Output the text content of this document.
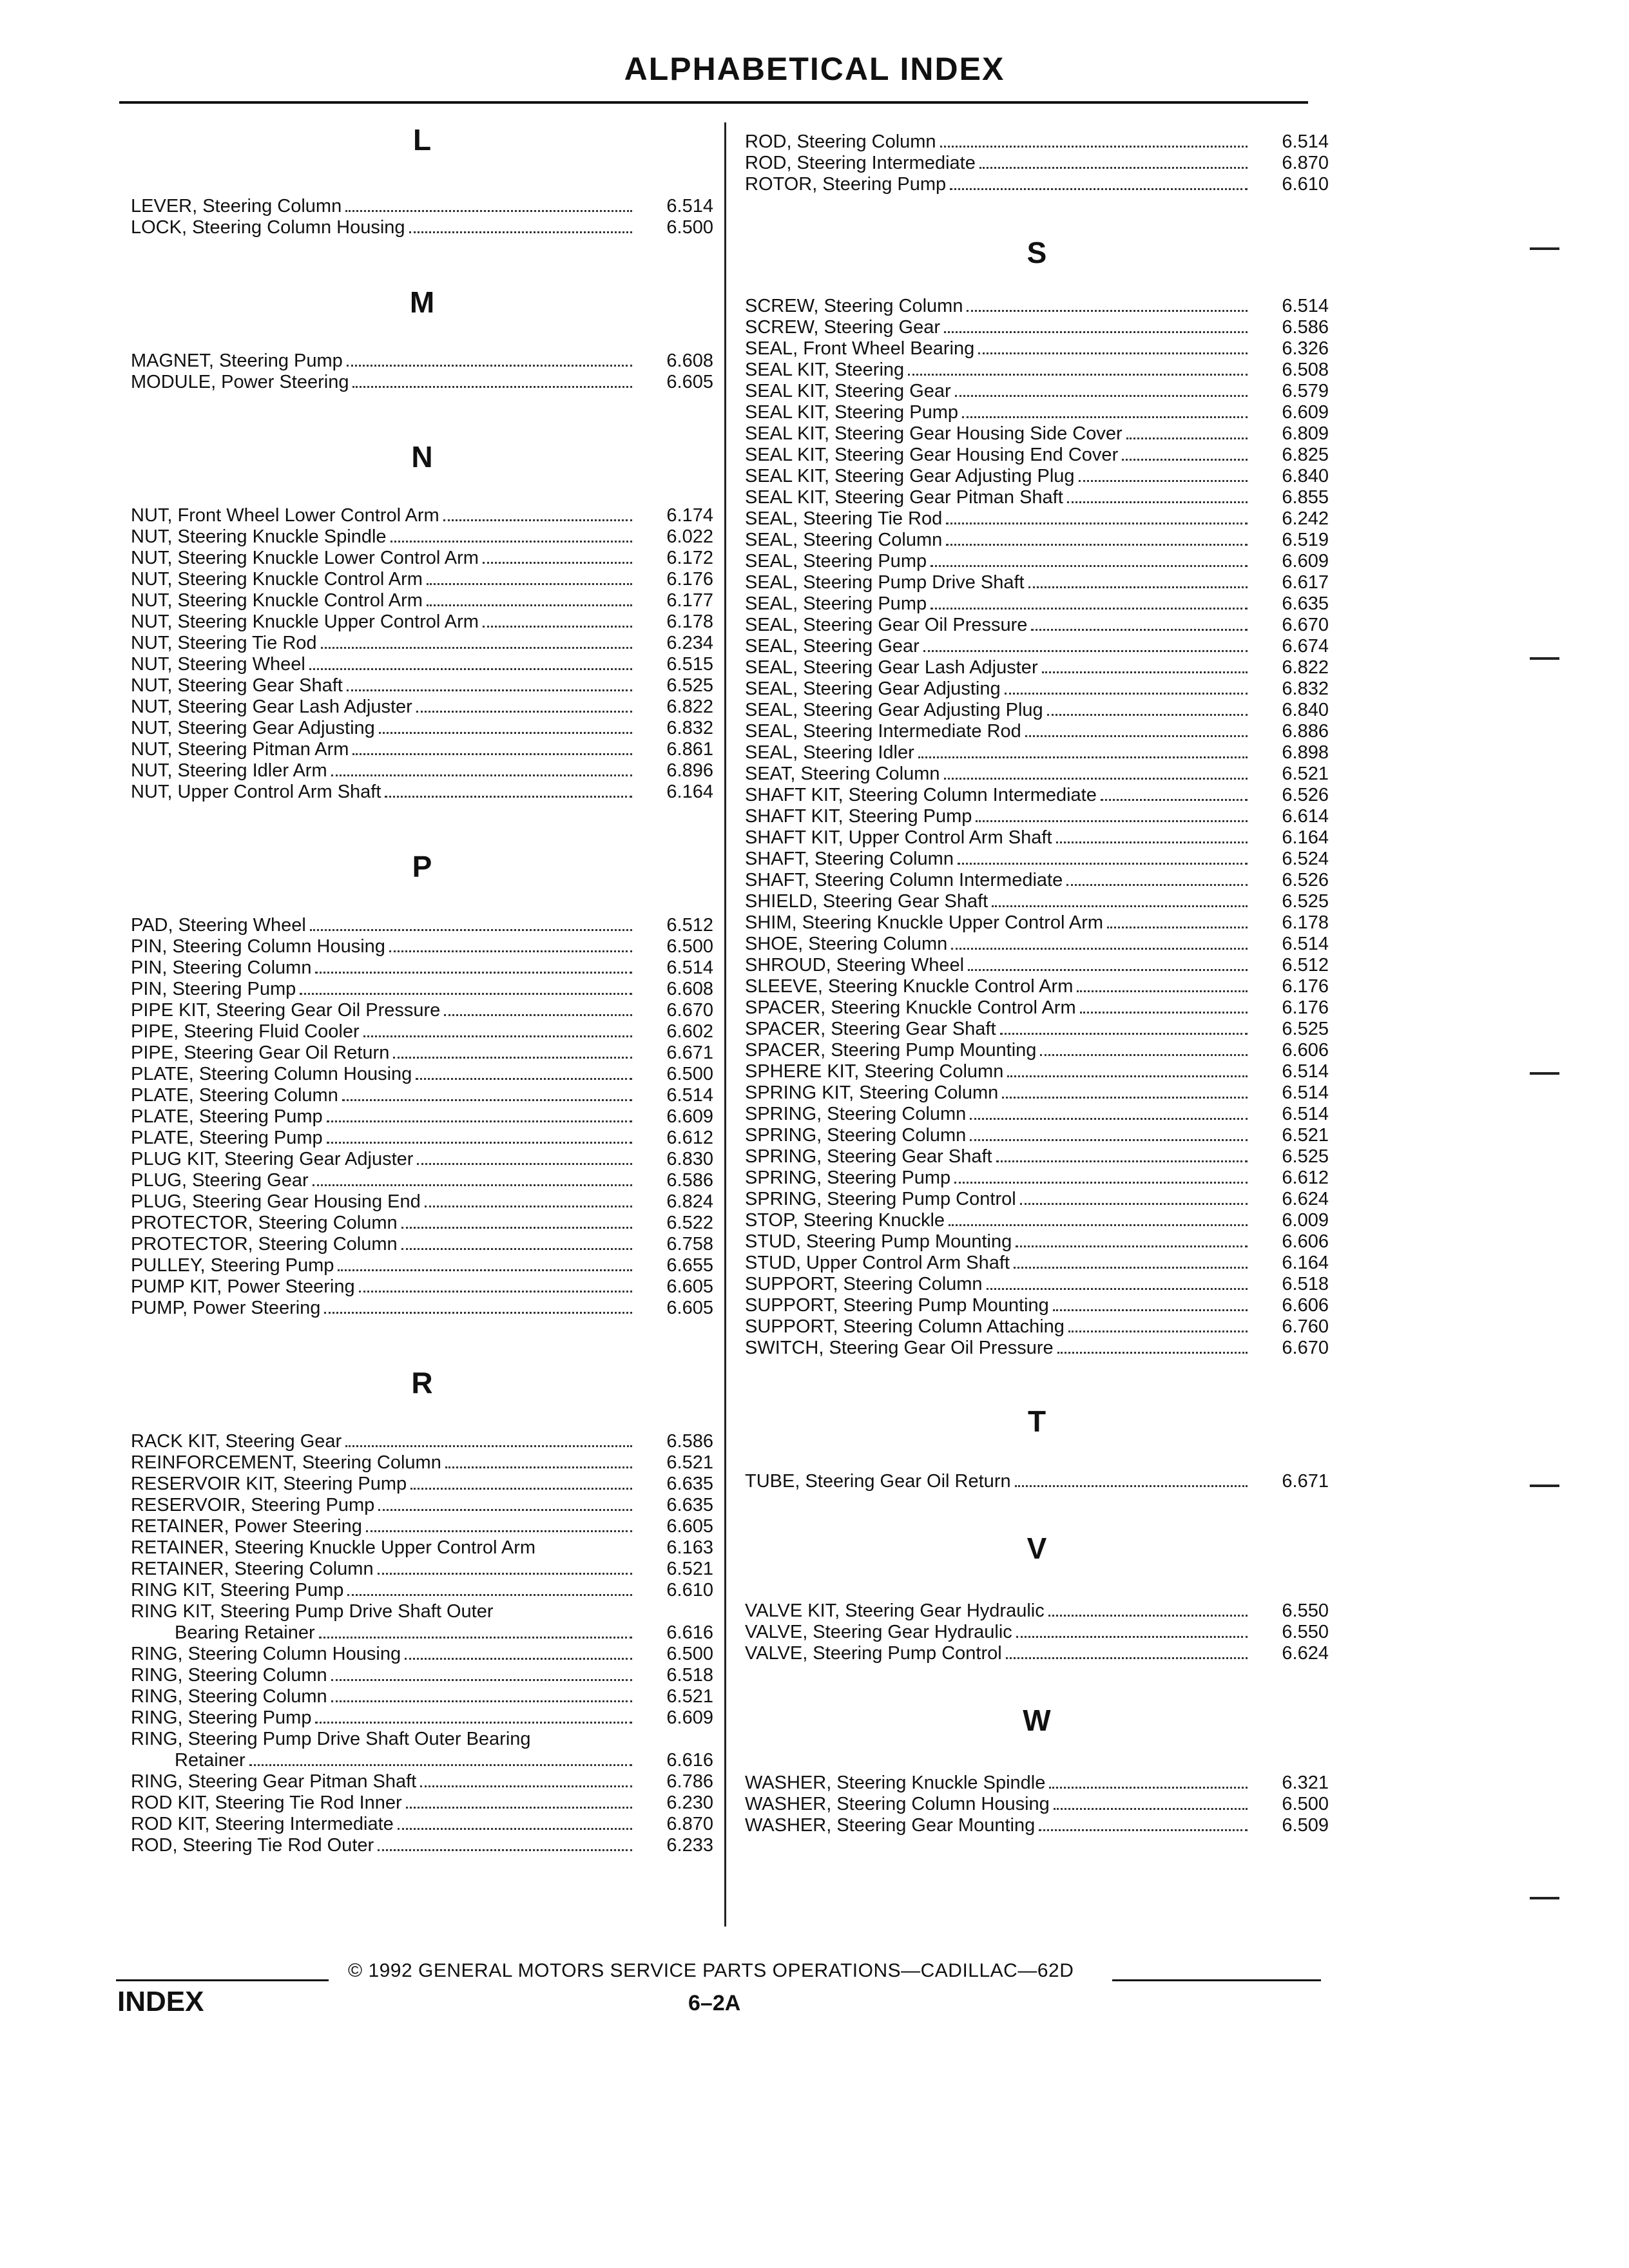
ALPHABETICAL INDEX
L
LEVER, Steering Column	6.514
LOCK, Steering Column Housing	6.500
M
MAGNET, Steering Pump	6.608
MODULE, Power Steering	6.605
N
NUT, Front Wheel Lower Control Arm	6.174
NUT, Steering Knuckle Spindle	6.022
NUT, Steering Knuckle Lower Control Arm	6.172
NUT, Steering Knuckle Control Arm	6.176
NUT, Steering Knuckle Control Arm	6.177
NUT, Steering Knuckle Upper Control Arm	6.178
NUT, Steering Tie Rod	6.234
NUT, Steering Wheel	6.515
NUT, Steering Gear Shaft	6.525
NUT, Steering Gear Lash Adjuster	6.822
NUT, Steering Gear Adjusting	6.832
NUT, Steering Pitman Arm	6.861
NUT, Steering Idler Arm	6.896
NUT, Upper Control Arm Shaft	6.164
P
PAD, Steering Wheel	6.512
PIN, Steering Column Housing	6.500
PIN, Steering Column	6.514
PIN, Steering Pump	6.608
PIPE KIT, Steering Gear Oil Pressure	6.670
PIPE, Steering Fluid Cooler	6.602
PIPE, Steering Gear Oil Return	6.671
PLATE, Steering Column Housing	6.500
PLATE, Steering Column	6.514
PLATE, Steering Pump	6.609
PLATE, Steering Pump	6.612
PLUG KIT, Steering Gear Adjuster	6.830
PLUG, Steering Gear	6.586
PLUG, Steering Gear Housing End	6.824
PROTECTOR, Steering Column	6.522
PROTECTOR, Steering Column	6.758
PULLEY, Steering Pump	6.655
PUMP KIT, Power Steering	6.605
PUMP, Power Steering	6.605
R
RACK KIT, Steering Gear	6.586
REINFORCEMENT, Steering Column	6.521
RESERVOIR KIT, Steering Pump	6.635
RESERVOIR, Steering Pump	6.635
RETAINER, Power Steering	6.605
RETAINER, Steering Knuckle Upper Control Arm	6.163
RETAINER, Steering Column	6.521
RING KIT, Steering Pump	6.610
RING KIT, Steering Pump Drive Shaft Outer
Bearing Retainer	6.616
RING, Steering Column Housing	6.500
RING, Steering Column	6.518
RING, Steering Column	6.521
RING, Steering Pump	6.609
RING, Steering Pump Drive Shaft Outer Bearing
Retainer	6.616
RING, Steering Gear Pitman Shaft	6.786
ROD KIT, Steering Tie Rod Inner	6.230
ROD KIT, Steering Intermediate	6.870
ROD, Steering Tie Rod Outer	6.233
ROD, Steering Column	6.514
ROD, Steering Intermediate	6.870
ROTOR, Steering Pump	6.610
S
SCREW, Steering Column	6.514
SCREW, Steering Gear	6.586
SEAL, Front Wheel Bearing	6.326
SEAL KIT, Steering	6.508
SEAL KIT, Steering Gear	6.579
SEAL KIT, Steering Pump	6.609
SEAL KIT, Steering Gear Housing Side Cover	6.809
SEAL KIT, Steering Gear Housing End Cover	6.825
SEAL KIT, Steering Gear Adjusting Plug	6.840
SEAL KIT, Steering Gear Pitman Shaft	6.855
SEAL, Steering Tie Rod	6.242
SEAL, Steering Column	6.519
SEAL, Steering Pump	6.609
SEAL, Steering Pump Drive Shaft	6.617
SEAL, Steering Pump	6.635
SEAL, Steering Gear Oil Pressure	6.670
SEAL, Steering Gear	6.674
SEAL, Steering Gear Lash Adjuster	6.822
SEAL, Steering Gear Adjusting	6.832
SEAL, Steering Gear Adjusting Plug	6.840
SEAL, Steering Intermediate Rod	6.886
SEAL, Steering Idler	6.898
SEAT, Steering Column	6.521
SHAFT KIT, Steering Column Intermediate	6.526
SHAFT KIT, Steering Pump	6.614
SHAFT KIT, Upper Control Arm Shaft	6.164
SHAFT, Steering Column	6.524
SHAFT, Steering Column Intermediate	6.526
SHIELD, Steering Gear Shaft	6.525
SHIM, Steering Knuckle Upper Control Arm	6.178
SHOE, Steering Column	6.514
SHROUD, Steering Wheel	6.512
SLEEVE, Steering Knuckle Control Arm	6.176
SPACER, Steering Knuckle Control Arm	6.176
SPACER, Steering Gear Shaft	6.525
SPACER, Steering Pump Mounting	6.606
SPHERE KIT, Steering Column	6.514
SPRING KIT, Steering Column	6.514
SPRING, Steering Column	6.514
SPRING, Steering Column	6.521
SPRING, Steering Gear Shaft	6.525
SPRING, Steering Pump	6.612
SPRING, Steering Pump Control	6.624
STOP, Steering Knuckle	6.009
STUD, Steering Pump Mounting	6.606
STUD, Upper Control Arm Shaft	6.164
SUPPORT, Steering Column	6.518
SUPPORT, Steering Pump Mounting	6.606
SUPPORT, Steering Column Attaching	6.760
SWITCH, Steering Gear Oil Pressure	6.670
T
TUBE, Steering Gear Oil Return	6.671
V
VALVE KIT, Steering Gear Hydraulic	6.550
VALVE, Steering Gear Hydraulic	6.550
VALVE, Steering Pump Control	6.624
W
WASHER, Steering Knuckle Spindle	6.321
WASHER, Steering Column Housing	6.500
WASHER, Steering Gear Mounting	6.509
© 1992 GENERAL MOTORS SERVICE PARTS OPERATIONS—CADILLAC—62D
INDEX	6–2A
